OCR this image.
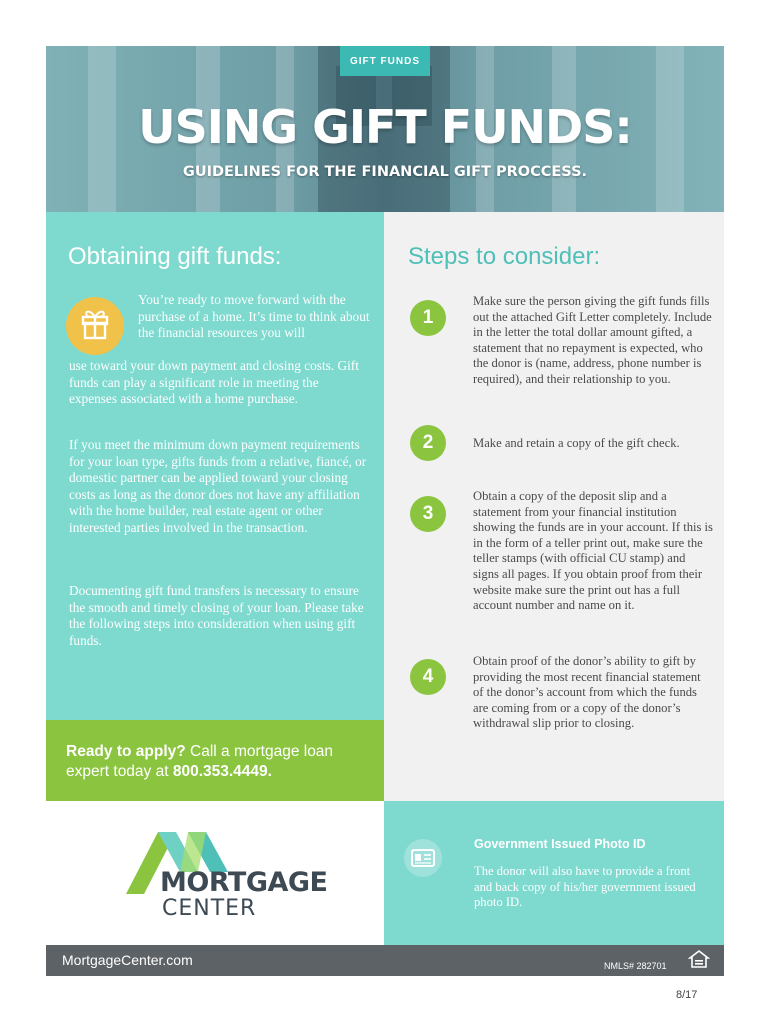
GIFT FUNDS
USING GIFT FUNDS:
GUIDELINES FOR THE FINANCIAL GIFT PROCCESS.
Obtaining gift funds:
You’re ready to move forward with the purchase of a home. It’s time to think about the financial resources you will
use toward your down payment and closing costs. Gift funds can play a significant role in meeting the expenses associated with a home purchase.
If you meet the minimum down payment requirements for your loan type, gifts funds from a relative, fiancé, or domestic partner can be applied toward your closing costs as long as the donor does not have any affiliation with the home builder, real estate agent or other interested parties involved in the transaction.
Documenting gift fund transfers is necessary to ensure the smooth and timely closing of your loan. Please take the following steps into consideration when using gift funds.
Ready to apply? Call a mortgage loan expert today at 800.353.4449.
Steps to consider:
1
Make sure the person giving the gift funds fills out the attached Gift Letter completely. Include in the letter the total dollar amount gifted, a statement that no repayment is expected, who the donor is (name, address, phone number is required), and their relationship to you.
2	Make and retain a copy of the gift check.
3
Obtain a copy of the deposit slip and a statement from your financial institution showing the funds are in your account. If this is in the form of a teller print out, make sure the teller stamps (with official CU stamp) and signs all pages. If you obtain proof from their website make sure the print out has a full account number and name on it.
4
Obtain proof of the donor’s ability to gift by providing the most recent financial statement of the donor’s account from which the funds are coming from or a copy of the donor’s withdrawal slip prior to closing.
MORTGAGE
CENTER
Government Issued Photo ID
The donor will also have to provide a front and back copy of his/her government issued photo ID.
MortgageCenter.com	NMLS# 282701
8/17
